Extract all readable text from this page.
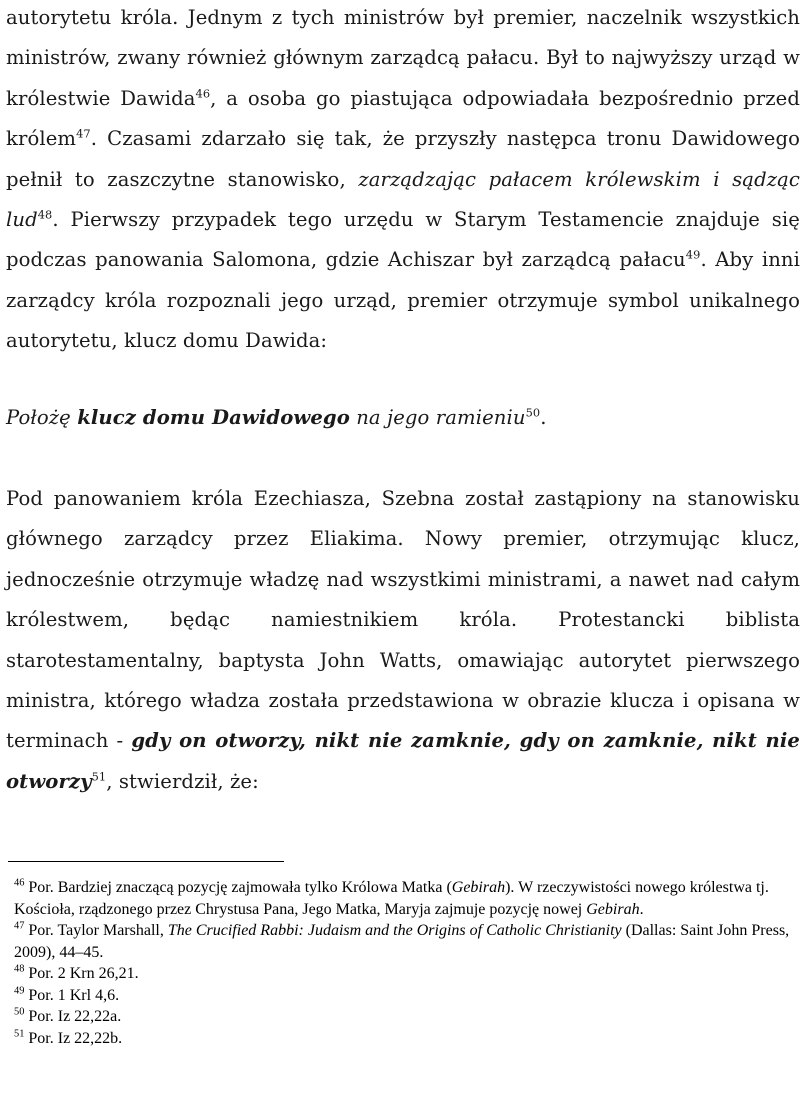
autorytetu króla. Jednym z tych ministrów był premier, naczelnik wszystkich ministrów, zwany również głównym zarządcą pałacu. Był to najwyższy urząd w królestwie Dawida$^{46}$, a osoba go piastująca odpowiadała bezpośrednio przed królem$^{47}$. Czasami zdarzało się tak, że przyszły następca tronu Dawidowego pełnił to zaszczytne stanowisko, zarządzając pałacem królewskim i sądząc lud$^{48}$. Pierwszy przypadek tego urzędu w Starym Testamencie znajduje się podczas panowania Salomona, gdzie Achiszar był zarządcą pałacu$^{49}$. Aby inni zarządcy króla rozpoznali jego urząd, premier otrzymuje symbol unikalnego autorytetu, klucz domu Dawida:

Położę klucz domu Dawidowego na jego ramieniu$^{50}$.

Pod panowaniem króla Ezechiasza, Szebna został zastąpiony na stanowisku głównego zarządcy przez Eliakima. Nowy premier, otrzymując klucz, jednocześnie otrzymuje władzę nad wszystkimi ministrami, a nawet nad całym królestwem, będąc namiestnikiem króla. Protestancki biblista starotestamentalny, baptysta John Watts, omawiając autorytet pierwszego ministra, którego władza została przedstawiona w obrazie klucza i opisana w terminach - gdy on otworzy, nikt nie zamknie, gdy on zamknie, nikt nie otworzy$^{51}$, stwierdził, że:

$^{46}$ Por. Bardziej znaczącą pozycję zajmowała tylko Królowa Matka (Gebirah). W rzeczywistości nowego królestwa tj. Kościoła, rządzonego przez Chrystusa Pana, Jego Matka, Maryja zajmuje pozycję nowej Gebirah.

$^{47}$ Por. Taylor Marshall, The Crucified Rabbi: Judaism and the Origins of Catholic Christianity (Dallas: Saint John Press, 2009), 44–45.

$^{48}$ Por. 2 Krn 26,21.

$^{49}$ Por. 1 Krl 4,6.

$^{50}$ Por. Iz 22,22a.

$^{51}$ Por. Iz 22,22b.
